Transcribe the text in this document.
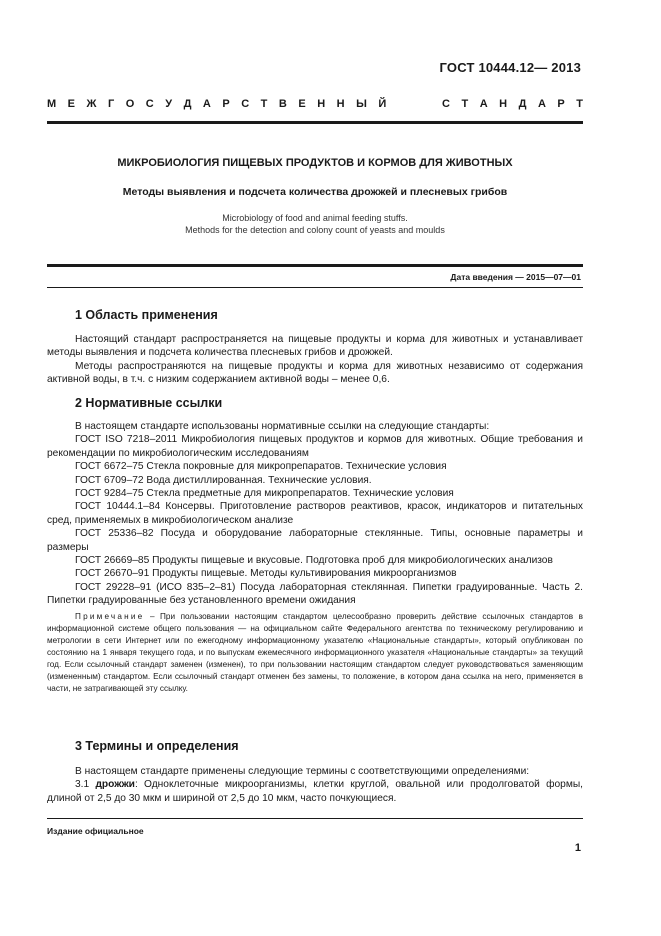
ГОСТ 10444.12— 2013
М Е Ж Г О С У Д А Р С Т В Е Н Н Ы Й	С Т А Н Д А Р Т
МИКРОБИОЛОГИЯ ПИЩЕВЫХ ПРОДУКТОВ И КОРМОВ ДЛЯ ЖИВОТНЫХ
Методы выявления и подсчета количества дрожжей и плесневых грибов
Microbiology of food and animal feeding stuffs.
Methods for the detection and colony count of yeasts and moulds
Дата введения — 2015—07—01
1 Область применения

Настоящий стандарт распространяется на пищевые продукты и корма для животных и устанавливает методы выявления и подсчета количества плесневых грибов и дрожжей.

Методы распространяются на пищевые продукты и корма для животных независимо от содержания активной воды, в т.ч. с низким содержанием активной воды – менее 0,6.

2 Нормативные ссылки

В настоящем стандарте использованы нормативные ссылки на следующие стандарты:

ГОСТ ISO 7218–2011 Микробиология пищевых продуктов и кормов для животных. Общие требования и рекомендации по микробиологическим исследованиям

ГОСТ 6672–75 Стекла покровные для микропрепаратов. Технические условия

ГОСТ 6709–72 Вода дистиллированная. Технические условия.

ГОСТ 9284–75 Стекла предметные для микропрепаратов. Технические условия

ГОСТ 10444.1–84 Консервы. Приготовление растворов реактивов, красок, индикаторов и питательных сред, применяемых в микробиологическом анализе

ГОСТ 25336–82 Посуда и оборудование лабораторные стеклянные. Типы, основные параметры и размеры

ГОСТ 26669–85 Продукты пищевые и вкусовые. Подготовка проб для микробиологических анализов

ГОСТ 26670–91 Продукты пищевые. Методы культивирования микроорганизмов

ГОСТ 29228–91 (ИСО 835–2–81) Посуда лабораторная стеклянная. Пипетки градуированные. Часть 2. Пипетки градуированные без установленного времени ожидания

Примечание – При пользовании настоящим стандартом целесообразно проверить действие ссылочных стандартов в информационной системе общего пользования — на официальном сайте Федерального агентства по техническому регулированию и метрологии в сети Интернет или по ежегодному информационному указателю «Национальные стандарты», который опубликован по состоянию на 1 января текущего года, и по выпускам ежемесячного информационного указателя «Национальные стандарты» за текущий год. Если ссылочный стандарт заменен (изменен), то при пользовании настоящим стандартом следует руководствоваться заменяющим (измененным) стандартом. Если ссылочный стандарт отменен без замены, то положение, в котором дана ссылка на него, применяется в части, не затрагивающей эту ссылку.

3 Термины и определения

В настоящем стандарте применены следующие термины с соответствующими определениями:

3.1 дрожжи: Одноклеточные микроорганизмы, клетки круглой, овальной или продолговатой формы, длиной от 2,5 до 30 мкм и шириной от 2,5 до 10 мкм, часто почкующиеся.

Издание официальное
1
